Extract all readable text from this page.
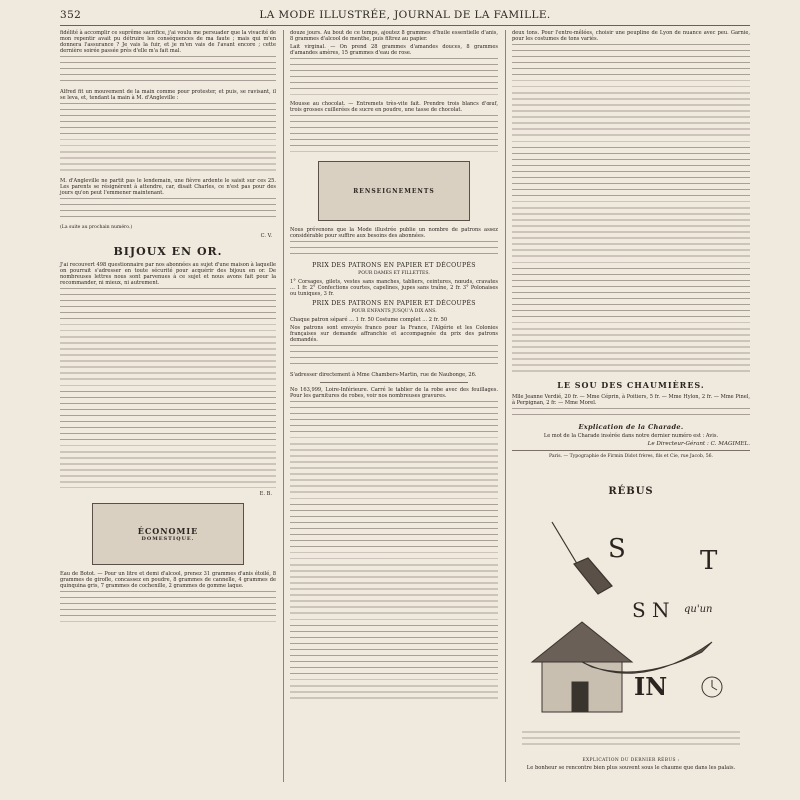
352	LA MODE ILLUSTRÉE, JOURNAL DE LA FAMILLE.

fidélité à accomplir ce suprême sacrifice, j'ai voulu me persuader que la vivacité de mon repentir avait pu détruire les conséquences de ma faute ; mais qui m'en donnera l'assurance ? Je vais la fuir, et je m'en vais de l'avant encore ; cette dernière soirée passée près d'elle m'a fait mal.

Alfred fit un mouvement de la main comme pour protester, et puis, se ravisant, il se leva, et, tendant la main à M. d'Angleville :

M. d'Angleville ne partit pas le lendemain, une fièvre ardente le saisit sur ces 25. Les parents se résignèrent à attendre, car, disait Charles, ce n'est pas pour des jours qu'on peut l'emmener maintenant.

(La suite au prochain numéro.)

C. V.
BIJOUX EN OR.

J'ai recouvert 498 questionnaire par nos abonnées au sujet d'une maison à laquelle on pourrait s'adresser en toute sécurité pour acquérir des bijoux en or. De nombreuses lettres nous sont parvenues à ce sujet et nous avons fait pour la recommander, ni mieux, ni autrement.

E. B.
ÉCONOMIE
DOMESTIQUE.

Eau de Botot. — Pour un litre et demi d'alcool, prenez 31 grammes d'anis étoilé, 8 grammes de girofle, concassez en poudre, 8 grammes de cannelle, 4 grammes de quinquina gris, 7 grammes de cochenille, 2 grammes de gomme laque.

douze jours. Au bout de ce temps, ajoutez 8 grammes d'huile essentielle d'anis, 8 grammes d'alcool de menthe, puis filtrez au papier.

Lait virginal. — On prend 28 grammes d'amandes douces, 8 grammes d'amandes amères, 15 grammes d'eau de rose.

Mousse au chocolat. — Entremets très-vite fait. Prendre trois blancs d'œuf, trois grosses cuillerées de sucre en poudre, une tasse de chocolat.

RENSEIGNEMENTS

Nous prévenons que la Mode illustrée publie un nombre de patrons assez considérable pour suffire aux besoins des abonnées.

PRIX DES PATRONS EN PAPIER ET DÉCOUPÉS
POUR DAMES ET FILLETTES.

1° Corsages, gilets, vestes sans manches, tabliers, ceintures, nœuds, cravates ... 1 fr. 2° Confections courtes, capelines, jupes sans traîne, 2 fr. 3° Polonaises ou tuniques, 3 fr.

PRIX DES PATRONS EN PAPIER ET DÉCOUPÉS
POUR ENFANTS JUSQU'À DIX ANS.

Chaque patron séparé ... 1 fr. 50 Costume complet ... 2 fr. 50

Nos patrons sont envoyés franco pour la France, l'Algérie et les Colonies françaises sur demande affranchie et accompagnée du prix des patrons demandés.

S'adresser directement à Mme Chambers-Martin, rue de Naubonge, 26.

No 163,999, Loire-Inférieure. Carré le tablier de la robe avec des feuillages. Pour les garnitures de robes, voir nos nombreuses gravures.

deux tons. Pour l'entre-mêlées, choisir une peupline de Lyon de nuance avec peu. Garnie, pour les costumes de tons variés.

LE SOU DES CHAUMIÈRES.

Mlle Jeanne Verdié, 20 fr. — Mme Céprin, à Poitiers, 5 fr. — Mme Hylon, 2 fr. — Mme Pinel, à Perpignan, 2 fr. — Mme Morel.

Explication de la Charade.

Le mot de la Charade insérée dans notre dernier numéro est : Avis.

Le Directeur-Gérant : C. MAGIMEL.
Paris. — Typographie de Firmin Didot frères, fils et Cie, rue Jacob, 56.
RÉBUS
S	T
S N qu'un
IN
EXPLICATION DU DERNIER RÉBUS :
Le bonheur se rencontre bien plus souvent sous le chaume que dans les palais.
